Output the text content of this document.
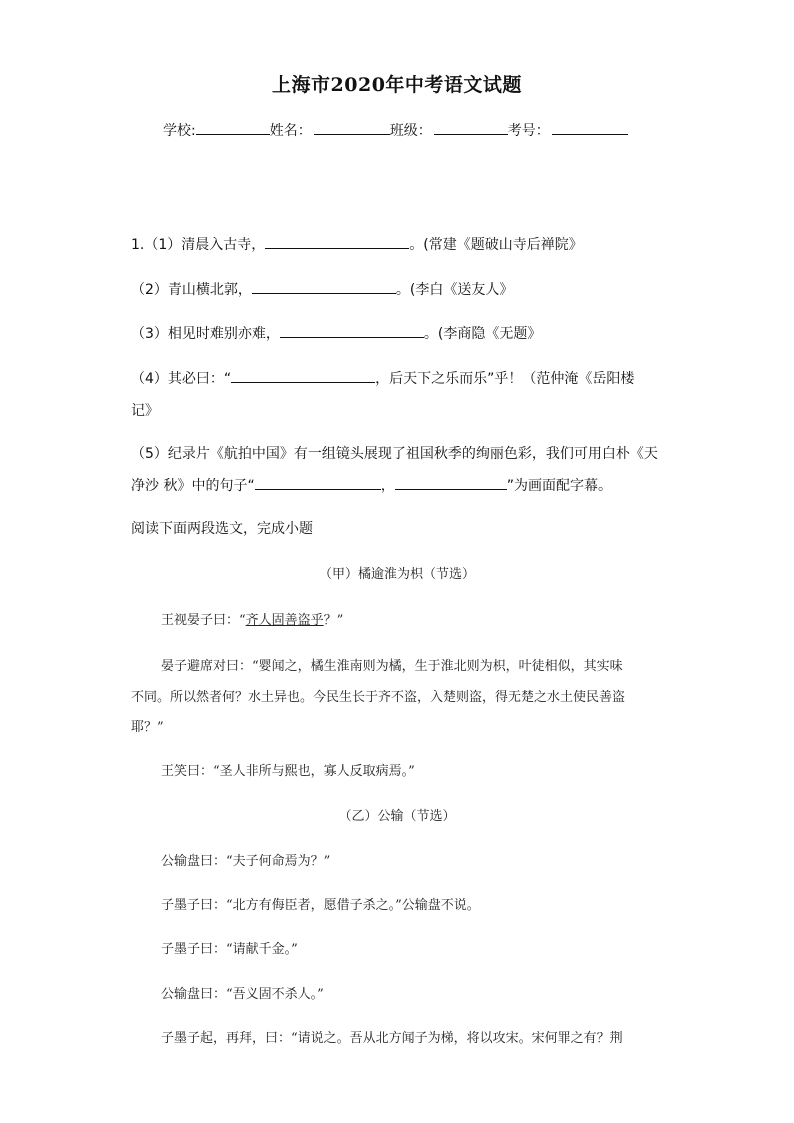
上海市2020年中考语文试题
学校:	姓名：	班级：	考号：
1.（1）清晨入古寺，	。(常建《题破山寺后禅院》
（2）青山横北郭，	。(李白《送友人》
（3）相见时难别亦难，	。(李商隐《无题》
（4）其必曰：“	，后天下之乐而乐”乎！（范仲淹《岳阳楼
记》
（5）纪录片《航拍中国》有一组镜头展现了祖国秋季的绚丽色彩，我们可用白朴《天
净沙 秋》中的句子“	，	”为画面配字幕。
阅读下面两段选文，完成小题
（甲）橘逾淮为枳（节选）
王视晏子曰：“齐人固善盗乎？”
晏子避席对曰：“婴闻之，橘生淮南则为橘，生于淮北则为枳，叶徒相似，其实味
不同。所以然者何？水土异也。今民生长于齐不盗，入楚则盗，得无楚之水土使民善盗
耶？”
王笑曰：“圣人非所与熙也，寡人反取病焉。”
（乙）公输（节选）
公输盘曰：“夫子何命焉为？”
子墨子曰：“北方有侮臣者，愿借子杀之。”公输盘不说。
子墨子曰：“请献千金。”
公输盘曰：“吾义固不杀人。”
子墨子起，再拜，曰：“请说之。吾从北方闻子为梯，将以攻宋。宋何罪之有？荆
